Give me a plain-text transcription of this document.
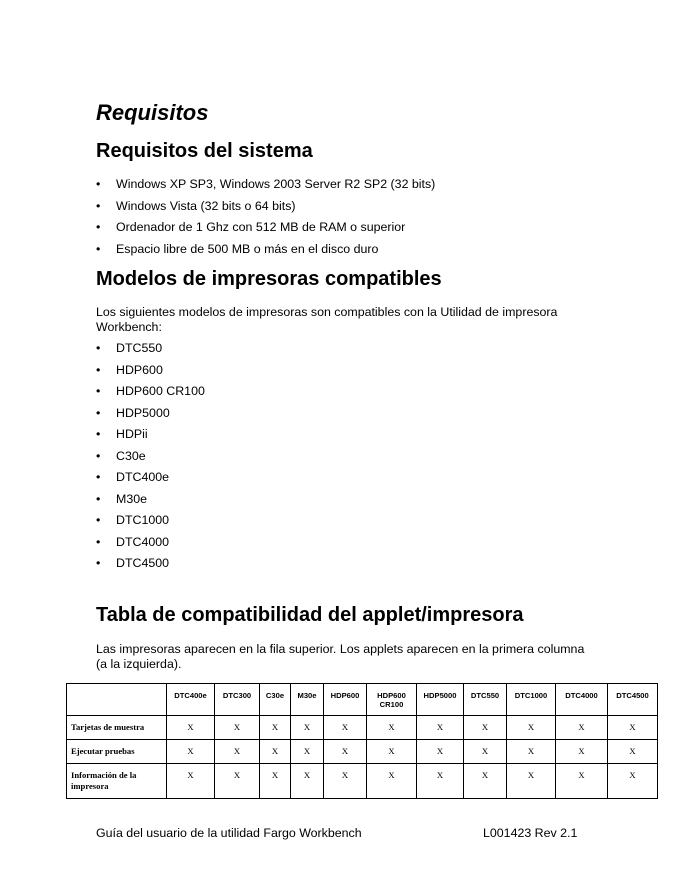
Requisitos
Requisitos del sistema
• Windows XP SP3, Windows 2003 Server R2 SP2 (32 bits)
• Windows Vista (32 bits o 64 bits)
• Ordenador de 1 Ghz con 512 MB de RAM o superior
• Espacio libre de 500 MB o más en el disco duro
Modelos de impresoras compatibles

Los siguientes modelos de impresoras son compatibles con la Utilidad de impresora Workbench:

• DTC550
• HDP600
• HDP600 CR100
• HDP5000
• HDPii
• C30e
• DTC400e
• M30e
• DTC1000
• DTC4000
• DTC4500
Tabla de compatibilidad del applet/impresora

Las impresoras aparecen en la fila superior. Los applets aparecen en la primera columna
(a la izquierda).

	DTC400e	DTC300	C30e	M30e	HDP600	HDP600 CR100	HDP5000	DTC550	DTC1000	DTC4000	DTC4500
Tarjetas de muestra	X	X	X	X	X	X	X	X	X	X	X
Ejecutar pruebas	X	X	X	X	X	X	X	X	X	X	X
Información de la impresora	X	X	X	X	X	X	X	X	X	X	X

Guía del usuario de la utilidad Fargo Workbench	L001423 Rev 2.1
